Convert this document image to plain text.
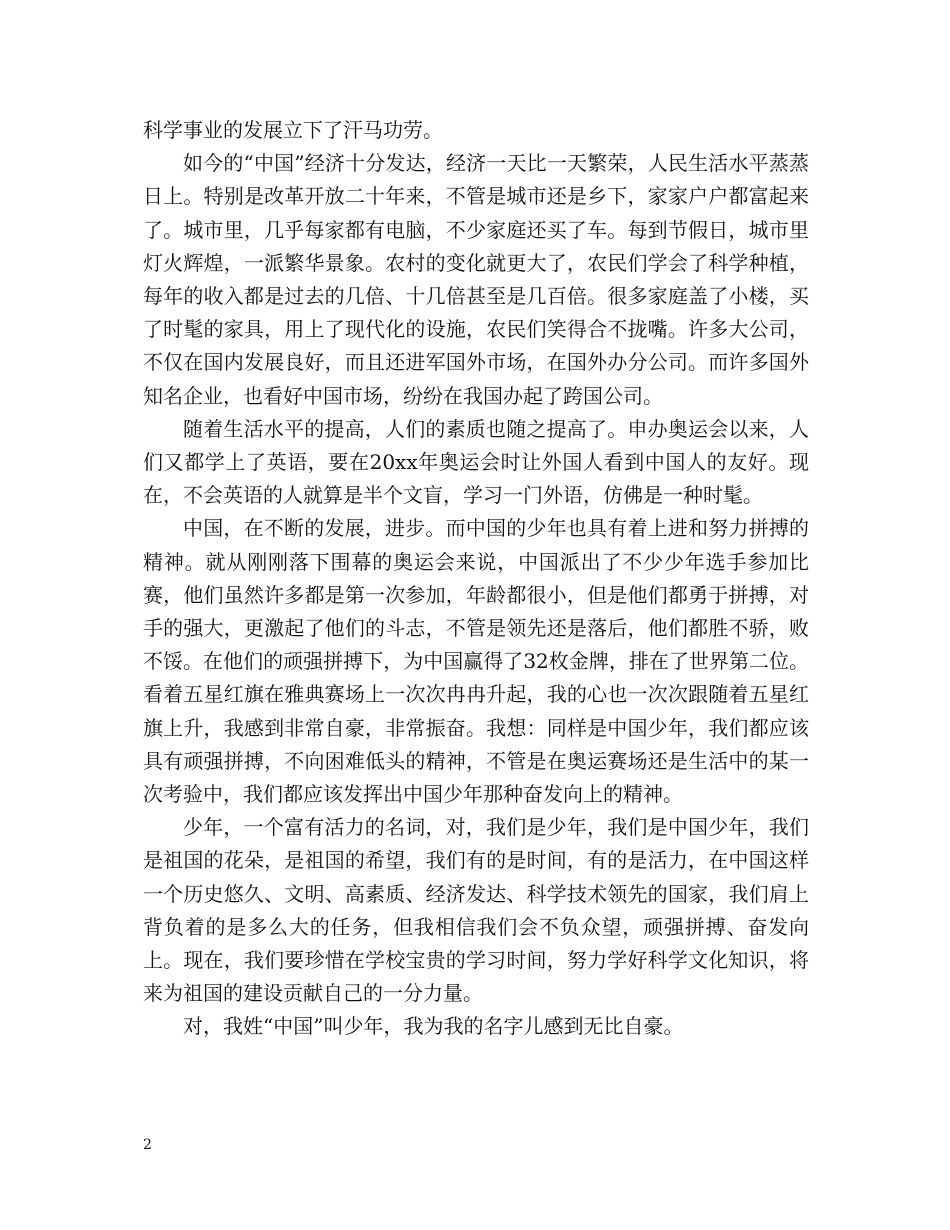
科学事业的发展立下了汗马功劳。

如今的“中国”经济十分发达，经济一天比一天繁荣，人民生活水平蒸蒸日上。特别是改革开放二十年来，不管是城市还是乡下，家家户户都富起来了。城市里，几乎每家都有电脑，不少家庭还买了车。每到节假日，城市里灯火辉煌，一派繁华景象。农村的变化就更大了，农民们学会了科学种植，每年的收入都是过去的几倍、十几倍甚至是几百倍。很多家庭盖了小楼，买了时髦的家具，用上了现代化的设施，农民们笑得合不拢嘴。许多大公司，不仅在国内发展良好，而且还进军国外市场，在国外办分公司。而许多国外知名企业，也看好中国市场，纷纷在我国办起了跨国公司。

随着生活水平的提高，人们的素质也随之提高了。申办奥运会以来，人们又都学上了英语，要在20xx年奥运会时让外国人看到中国人的友好。现在，不会英语的人就算是半个文盲，学习一门外语，仿佛是一种时髦。

中国，在不断的发展，进步。而中国的少年也具有着上进和努力拼搏的精神。就从刚刚落下围幕的奥运会来说，中国派出了不少少年选手参加比赛，他们虽然许多都是第一次参加，年龄都很小，但是他们都勇于拼搏，对手的强大，更激起了他们的斗志，不管是领先还是落后，他们都胜不骄，败不馁。在他们的顽强拼搏下，为中国赢得了32枚金牌，排在了世界第二位。看着五星红旗在雅典赛场上一次次冉冉升起，我的心也一次次跟随着五星红旗上升，我感到非常自豪，非常振奋。我想：同样是中国少年，我们都应该具有顽强拼搏，不向困难低头的精神，不管是在奥运赛场还是生活中的某一次考验中，我们都应该发挥出中国少年那种奋发向上的精神。

少年，一个富有活力的名词，对，我们是少年，我们是中国少年，我们是祖国的花朵，是祖国的希望，我们有的是时间，有的是活力，在中国这样一个历史悠久、文明、高素质、经济发达、科学技术领先的国家，我们肩上背负着的是多么大的任务，但我相信我们会不负众望，顽强拼搏、奋发向上。现在，我们要珍惜在学校宝贵的学习时间，努力学好科学文化知识，将来为祖国的建设贡献自己的一分力量。

对，我姓“中国”叫少年，我为我的名字儿感到无比自豪。

2
